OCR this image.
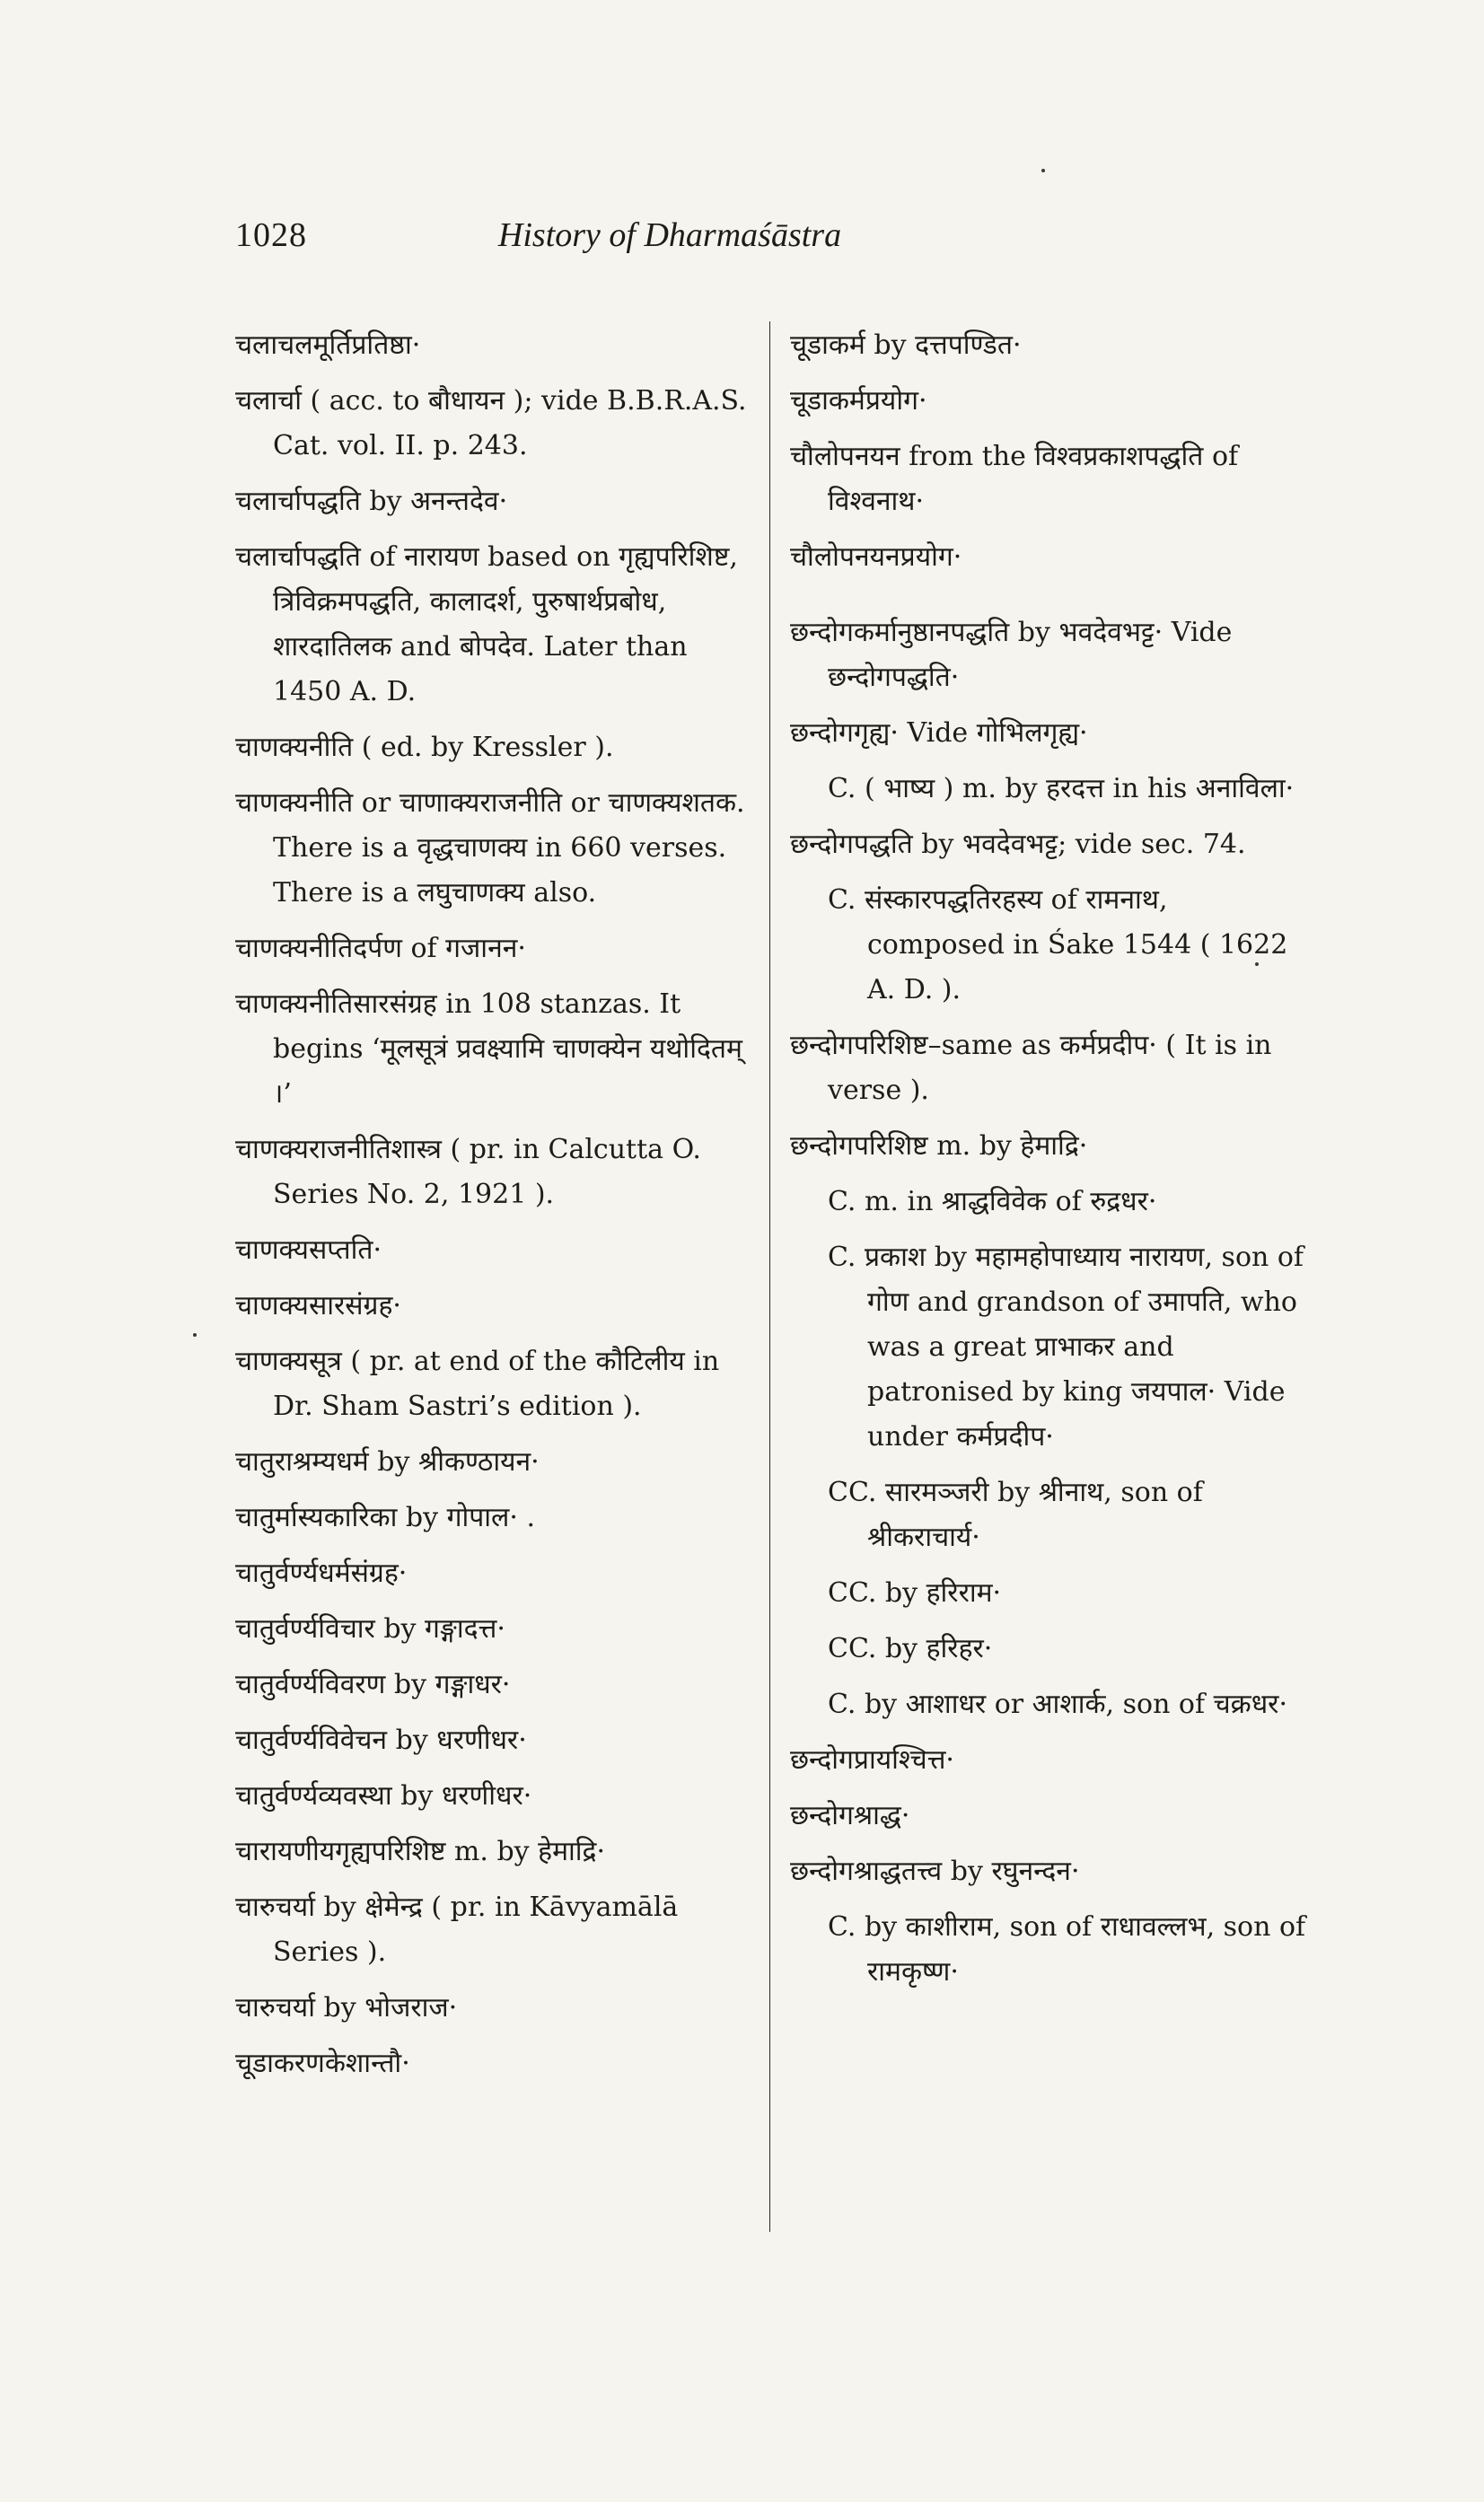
1028	History of Dharmaśāstra

चलाचलमूर्तिप्रतिष्ठा·

चलार्चा ( acc. to बौधायन ); vide B.B.R.A.S. Cat. vol. II. p. 243.

चलार्चापद्धति by अनन्तदेव·

चलार्चापद्धति of नारायण based on गृह्यपरिशिष्ट, त्रिविक्रमपद्धति, कालादर्श, पुरुषार्थप्रबोध, शारदातिलक and बोपदेव. Later than 1450 A. D.

चाणक्यनीति ( ed. by Kressler ).

चाणक्यनीति or चाणाक्यराजनीति or चाणक्यशतक. There is a वृद्धचाणक्य in 660 verses. There is a लघुचाणक्य also.

चाणक्यनीतिदर्पण of गजानन·

चाणक्यनीतिसारसंग्रह in 108 stanzas. It begins ‘मूलसूत्रं प्रवक्ष्यामि चाणक्येन यथोदितम् ।’

चाणक्यराजनीतिशास्त्र ( pr. in Calcutta O. Series No. 2, 1921 ).

चाणक्यसप्तति·

चाणक्यसारसंग्रह·

चाणक्यसूत्र ( pr. at end of the कौटिलीय in Dr. Sham Sastri’s edition ).

चातुराश्रम्यधर्म by श्रीकण्ठायन·

चातुर्मास्यकारिका by गोपाल· .

चातुर्वर्ण्यधर्मसंग्रह·

चातुर्वर्ण्यविचार by गङ्गादत्त·

चातुर्वर्ण्यविवरण by गङ्गाधर·

चातुर्वर्ण्यविवेचन by धरणीधर·

चातुर्वर्ण्यव्यवस्था by धरणीधर·

चारायणीयगृह्यपरिशिष्ट m. by हेमाद्रि·

चारुचर्या by क्षेमेन्द्र ( pr. in Kāvyamālā Series ).

चारुचर्या by भोजराज·

चूडाकरणकेशान्तौ·

चूडाकर्म by दत्तपण्डित·

चूडाकर्मप्रयोग·

चौलोपनयन from the विश्वप्रकाशपद्धति of विश्वनाथ·

चौलोपनयनप्रयोग·

छन्दोगकर्मानुष्ठानपद्धति by भवदेवभट्ट· Vide छन्दोगपद्धति·

छन्दोगगृह्य· Vide गोभिलगृह्य·

C. ( भाष्य ) m. by हरदत्त in his अनाविला·

छन्दोगपद्धति by भवदेवभट्ट; vide sec. 74.

C. संस्कारपद्धतिरहस्य of रामनाथ, composed in Śake 1544 ( 1622 A. D. ).

छन्दोगपरिशिष्ट–same as कर्मप्रदीप· ( It is in verse ).

छन्दोगपरिशिष्ट m. by हेमाद्रि·

C. m. in श्राद्धविवेक of रुद्रधर·

C. प्रकाश by महामहोपाध्याय नारायण, son of गोण and grandson of उमापति, who was a great प्राभाकर and patronised by king जयपाल· Vide under कर्मप्रदीप·

CC. सारमञ्जरी by श्रीनाथ, son of श्रीकराचार्य·

CC. by हरिराम·

CC. by हरिहर·

C. by आशाधर or आशार्क, son of चक्रधर·

छन्दोगप्रायश्चित्त·

छन्दोगश्राद्ध·

छन्दोगश्राद्धतत्त्व by रघुनन्दन·

C. by काशीराम, son of राधावल्लभ, son of रामकृष्ण·
